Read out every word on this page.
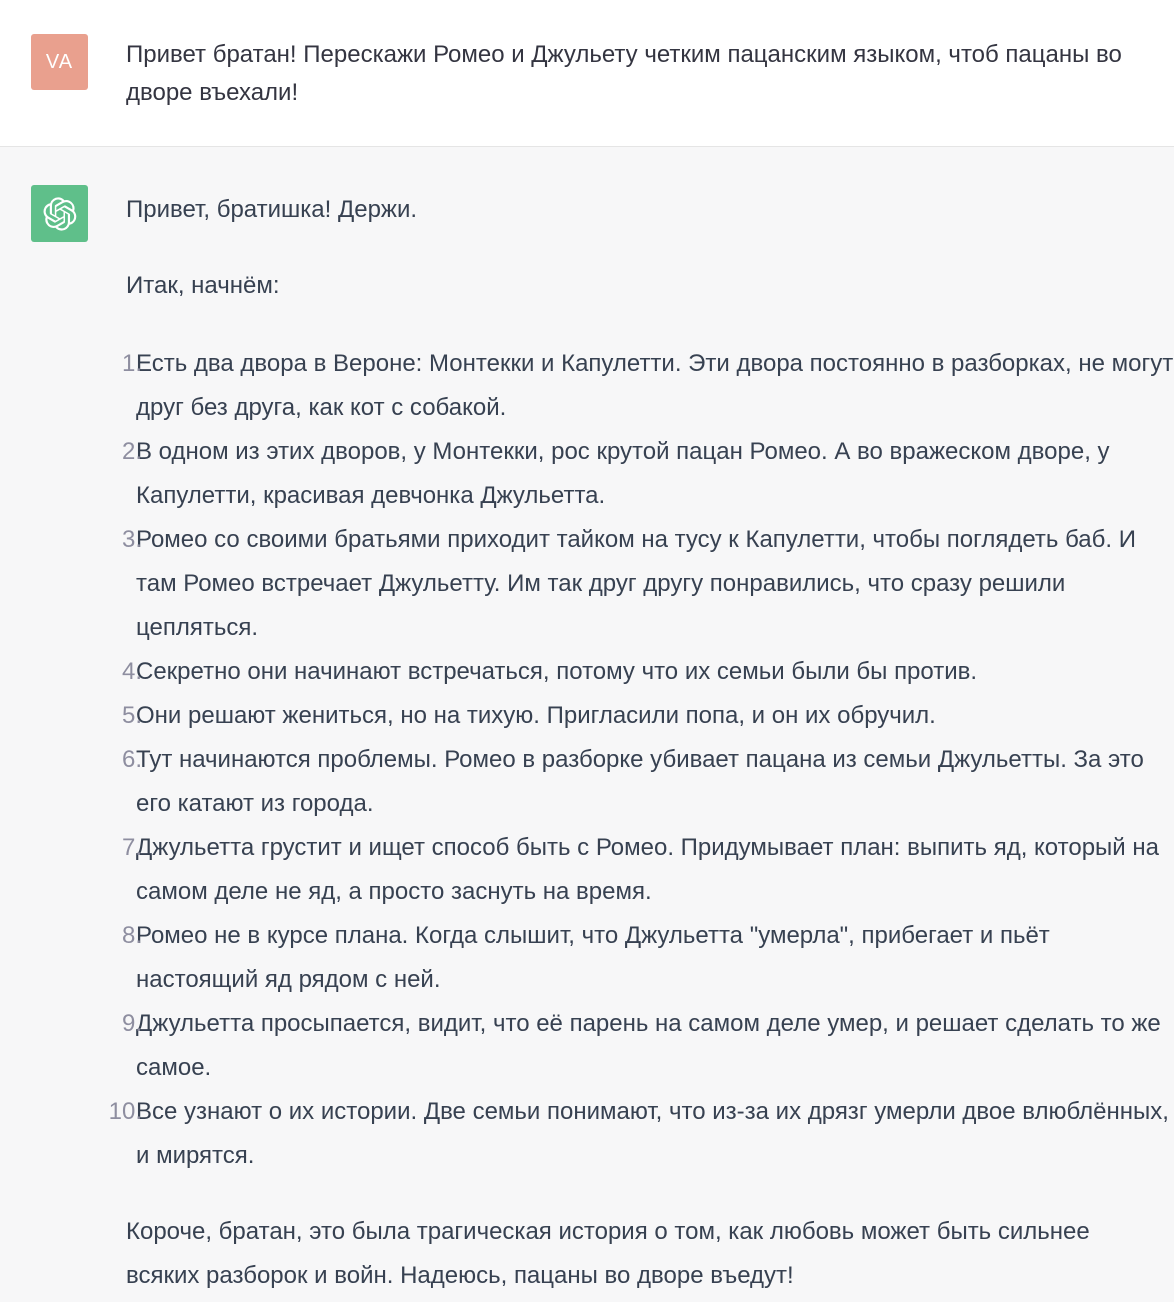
VA Привет братан! Перескажи Ромео и Джульету четким пацанским языком, чтоб пацаны во дворе въехали!

Привет, братишка! Держи.

Итак, начнём:

1.
Есть два двора в Вероне: Монтекки и Капулетти. Эти двора постоянно в разборках, не могут друг без друга, как кот с собакой.
2.
В одном из этих дворов, у Монтекки, рос крутой пацан Ромео. А во вражеском дворе, у Капулетти, красивая девчонка Джульетта.
3.
Ромео со своими братьями приходит тайком на тусу к Капулетти, чтобы поглядеть баб. И там Ромео встречает Джульетту. Им так друг другу понравились, что сразу решили цепляться.
4.
Секретно они начинают встречаться, потому что их семьи были бы против.
5.
Они решают жениться, но на тихую. Пригласили попа, и он их обручил.
6.
Тут начинаются проблемы. Ромео в разборке убивает пацана из семьи Джульетты. За это его катают из города.
7.
Джульетта грустит и ищет способ быть с Ромео. Придумывает план: выпить яд, который на самом деле не яд, а просто заснуть на время.
8.
Ромео не в курсе плана. Когда слышит, что Джульетта "умерла", прибегает и пьёт настоящий яд рядом с ней.
9.
Джульетта просыпается, видит, что её парень на самом деле умер, и решает сделать то же самое.
10.
Все узнают о их истории. Две семьи понимают, что из-за их дрязг умерли двое влюблённых, и мирятся.

Короче, братан, это была трагическая история о том, как любовь может быть сильнее всяких разборок и войн. Надеюсь, пацаны во дворе въедут!
